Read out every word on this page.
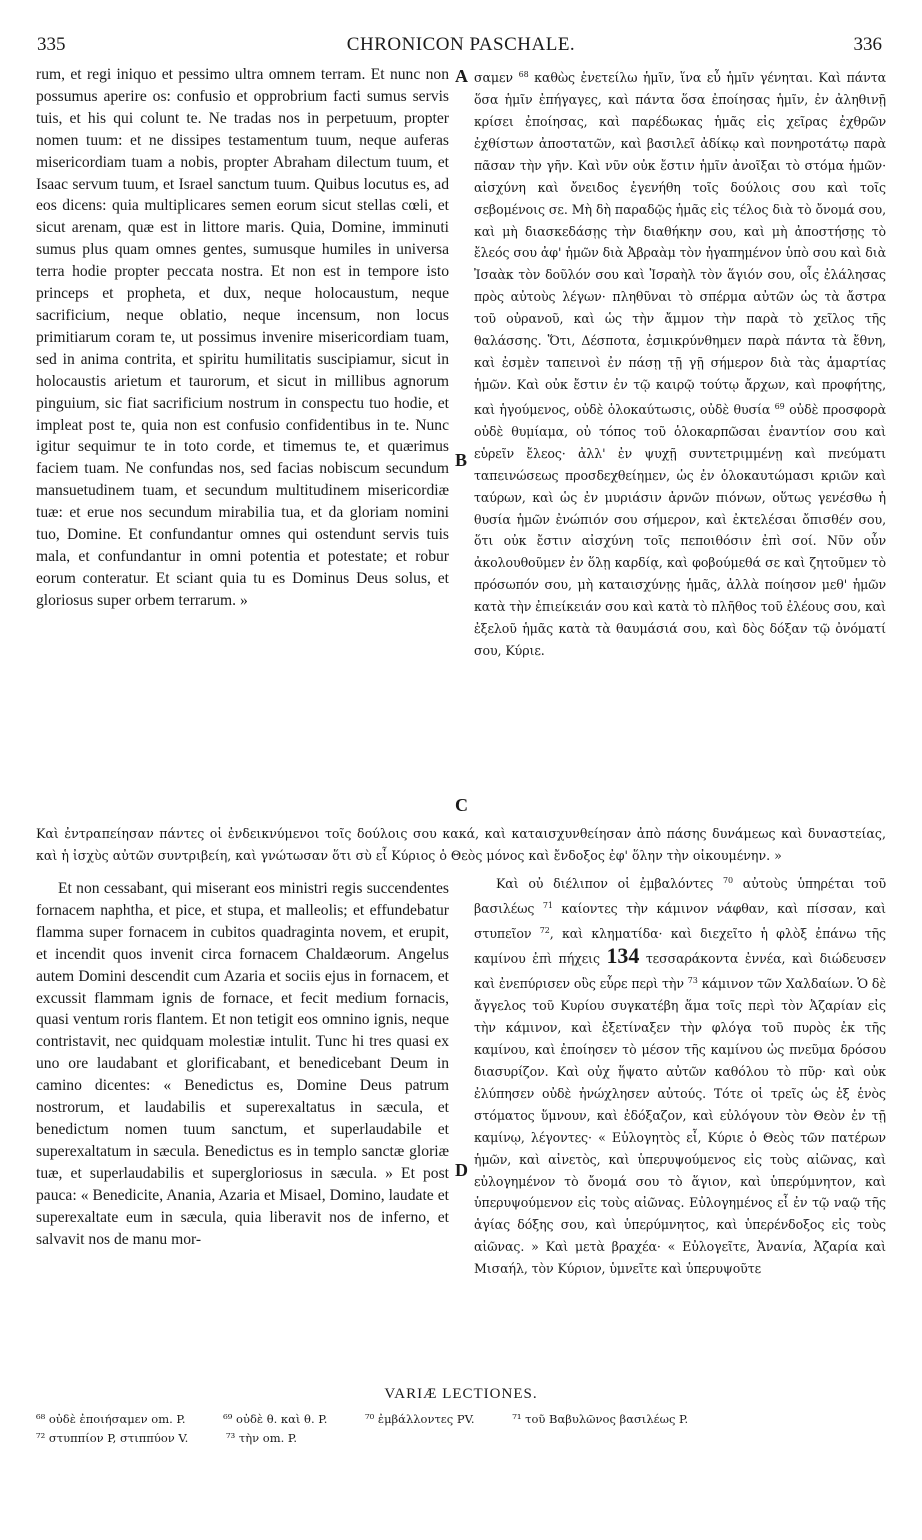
335	CHRONICON PASCHALE.	336

rum, et regi iniquo et pessimo ultra omnem terram. Et nunc non possumus aperire os: confusio et opprobrium facti sumus servis tuis, et his qui colunt te. Ne tradas nos in perpetuum, propter nomen tuum: et ne dissipes testamentum tuum, neque auferas misericordiam tuam a nobis, propter Abraham dilectum tuum, et Isaac servum tuum, et Israel sanctum tuum. Quibus locutus es, ad eos dicens: quia multiplicares semen eorum sicut stellas cœli, et sicut arenam, quæ est in littore maris. Quia, Domine, imminuti sumus plus quam omnes gentes, sumusque humiles in universa terra hodie propter peccata nostra. Et non est in tempore isto princeps et propheta, et dux, neque holocaustum, neque sacrificium, neque oblatio, neque incensum, non locus primitiarum coram te, ut possimus invenire misericordiam tuam, sed in anima contrita, et spiritu humilitatis suscipiamur, sicut in holocaustis arietum et taurorum, et sicut in millibus agnorum pinguium, sic fiat sacrificium nostrum in conspectu tuo hodie, et impleat post te, quia non est confusio confidentibus in te. Nunc igitur sequimur te in toto corde, et timemus te, et quærimus faciem tuam. Ne confundas nos, sed facias nobiscum secundum mansuetudinem tuam, et secundum multitudinem misericordiæ tuæ: et erue nos secundum mirabilia tua, et da gloriam nomini tuo, Domine. Et confundantur omnes qui ostendunt servis tuis mala, et confundantur in omni potentia et potestate; et robur eorum conteratur. Et sciant quia tu es Dominus Deus solus, et gloriosus super orbem terrarum. »

σαμεν $^{68}$ καθὼς ἐνετείλω ἡμῖν, ἵνα εὖ ἡμῖν γένηται. Καὶ πάντα ὅσα ἡμῖν ἐπήγαγες, καὶ πάντα ὅσα ἐποίησας ἡμῖν, ἐν ἀληθινῇ κρίσει ἐποίησας, καὶ παρέδωκας ἡμᾶς εἰς χεῖρας ἐχθρῶν ἐχθίστων ἀποστατῶν, καὶ βασιλεῖ ἀδίκῳ καὶ πονηροτάτῳ παρὰ πᾶσαν τὴν γῆν. Καὶ νῦν οὐκ ἔστιν ἡμῖν ἀνοῖξαι τὸ στόμα ἡμῶν· αἰσχύνη καὶ ὄνειδος ἐγενήθη τοῖς δούλοις σου καὶ τοῖς σεβομένοις σε. Μὴ δὴ παραδῷς ἡμᾶς εἰς τέλος διὰ τὸ ὄνομά σου, καὶ μὴ διασκεδάσῃς τὴν διαθήκην σου, καὶ μὴ ἀποστήσῃς τὸ ἔλεός σου ἀφ' ἡμῶν διὰ Ἀβραὰμ τὸν ἠγαπημένον ὑπὸ σου καὶ διὰ Ἰσαὰκ τὸν δοῦλόν σου καὶ Ἰσραὴλ τὸν ἅγιόν σου, οἷς ἐλάλησας πρὸς αὐτοὺς λέγων· πληθῦναι τὸ σπέρμα αὐτῶν ὡς τὰ ἄστρα τοῦ οὐρανοῦ, καὶ ὡς τὴν ἄμμον τὴν παρὰ τὸ χεῖλος τῆς θαλάσσης. Ὅτι, Δέσποτα, ἐσμικρύνθημεν παρὰ πάντα τὰ ἔθνη, καὶ ἐσμὲν ταπεινοὶ ἐν πάσῃ τῇ γῇ σήμερον διὰ τὰς ἁμαρτίας ἡμῶν. Καὶ οὐκ ἔστιν ἐν τῷ καιρῷ τούτῳ ἄρχων, καὶ προφήτης, καὶ ἡγούμενος, οὐδὲ ὁλοκαύτωσις, οὐδὲ θυσία $^{69}$ οὐδὲ προσφορὰ οὐδὲ θυμίαμα, οὐ τόπος τοῦ ὁλοκαρπῶσαι ἐναντίον σου καὶ εὑρεῖν ἔλεος· ἀλλ' ἐν ψυχῇ συντετριμμένῃ καὶ πνεύματι ταπεινώσεως προσδεχθείημεν, ὡς ἐν ὁλοκαυτώμασι κριῶν καὶ ταύρων, καὶ ὡς ἐν μυριάσιν ἀρνῶν πιόνων, οὕτως γενέσθω ἡ θυσία ἡμῶν ἐνώπιόν σου σήμερον, καὶ ἐκτελέσαι ὄπισθέν σου, ὅτι οὐκ ἔστιν αἰσχύνη τοῖς πεποιθόσιν ἐπὶ σοί. Νῦν οὖν ἀκολουθοῦμεν ἐν ὅλῃ καρδίᾳ, καὶ φοβούμεθά σε καὶ ζητοῦμεν τὸ πρόσωπόν σου, μὴ καταισχύνῃς ἡμᾶς, ἀλλὰ ποίησον μεθ' ἡμῶν κατὰ τὴν ἐπιείκειάν σου καὶ κατὰ τὸ πλῆθος τοῦ ἐλέους σου, καὶ ἐξελοῦ ἡμᾶς κατὰ τὰ θαυμάσιά σου, καὶ δὸς δόξαν τῷ ὀνόματί σου, Κύριε.

A
B
C
D
Καὶ ἐντραπείησαν πάντες οἱ ἐνδεικνύμενοι τοῖς δούλοις σου κακά, καὶ καταισχυνθείησαν ἀπὸ πάσης δυνάμεως καὶ δυναστείας, καὶ ἡ ἰσχὺς αὐτῶν συντριβείη, καὶ γνώτωσαν ὅτι σὺ εἶ Κύριος ὁ Θεὸς μόνος καὶ ἔνδοξος ἐφ' ὅλην τὴν οἰκουμένην. »

Et non cessabant, qui miserant eos ministri regis succendentes fornacem naphtha, et pice, et stupa, et malleolis; et effundebatur flamma super fornacem in cubitos quadraginta novem, et erupit, et incendit quos invenit circa fornacem Chaldæorum. Angelus autem Domini descendit cum Azaria et sociis ejus in fornacem, et excussit flammam ignis de fornace, et fecit medium fornacis, quasi ventum roris flantem. Et non tetigit eos omnino ignis, neque contristavit, nec quidquam molestiæ intulit. Tunc hi tres quasi ex uno ore laudabant et glorificabant, et benedicebant Deum in camino dicentes: « Benedictus es, Domine Deus patrum nostrorum, et laudabilis et superexaltatus in sæcula, et benedictum nomen tuum sanctum, et superlaudabile et superexaltatum in sæcula. Benedictus es in templo sanctæ gloriæ tuæ, et superlaudabilis et supergloriosus in sæcula. » Et post pauca: « Benedicite, Anania, Azaria et Misael, Domino, laudate et superexaltate eum in sæcula, quia liberavit nos de inferno, et salvavit nos de manu mor-

Καὶ οὐ διέλιπον οἱ ἐμβαλόντες $^{70}$ αὐτοὺς ὑπηρέται τοῦ βασιλέως $^{71}$ καίοντες τὴν κάμινον νάφθαν, καὶ πίσσαν, καὶ στυπεῖον $^{72}$, καὶ κληματίδα· καὶ διεχεῖτο ἡ φλὸξ ἐπάνω τῆς καμίνου ἐπὶ πήχεις 134 τεσσαράκοντα ἐννέα, καὶ διώδευσεν καὶ ἐνεπύρισεν οὓς εὗρε περὶ τὴν $^{73}$ κάμινον τῶν Χαλδαίων. Ὁ δὲ ἄγγελος τοῦ Κυρίου συγκατέβη ἅμα τοῖς περὶ τὸν Ἀζαρίαν εἰς τὴν κάμινον, καὶ ἐξετίναξεν τὴν φλόγα τοῦ πυρὸς ἐκ τῆς καμίνου, καὶ ἐποίησεν τὸ μέσον τῆς καμίνου ὡς πνεῦμα δρόσου διασυρίζον. Καὶ οὐχ ἥψατο αὐτῶν καθόλου τὸ πῦρ· καὶ οὐκ ἐλύπησεν οὐδὲ ἠνώχλησεν αὐτούς. Τότε οἱ τρεῖς ὡς ἐξ ἑνὸς στόματος ὕμνουν, καὶ ἐδόξαζον, καὶ εὐλόγουν τὸν Θεὸν ἐν τῇ καμίνῳ, λέγοντες· « Εὐλογητὸς εἶ, Κύριε ὁ Θεὸς τῶν πατέρων ἡμῶν, καὶ αἰνετὸς, καὶ ὑπερυψούμενος εἰς τοὺς αἰῶνας, καὶ εὐλογημένον τὸ ὄνομά σου τὸ ἅγιον, καὶ ὑπερύμνητον, καὶ ὑπερυψούμενον εἰς τοὺς αἰῶνας. Εὐλογημένος εἶ ἐν τῷ ναῷ τῆς ἁγίας δόξης σου, καὶ ὑπερύμνητος, καὶ ὑπερένδοξος εἰς τοὺς αἰῶνας. » Καὶ μετὰ βραχέα· « Εὐλογεῖτε, Ἀνανία, Ἀζαρία καὶ Μισαήλ, τὸν Κύριον, ὑμνεῖτε καὶ ὑπερυψοῦτε

VARIÆ LECTIONES.
⁶⁸ οὐδὲ ἐποιήσαμεν om. P.	⁶⁹ οὐδὲ θ. καὶ θ. P.	⁷⁰ ἐμβάλλοντες PV.	⁷¹ τοῦ Βαβυλῶνος βασιλέως P.
⁷² στυππίον P, στιππύον V.	⁷³ τὴν om. P.
